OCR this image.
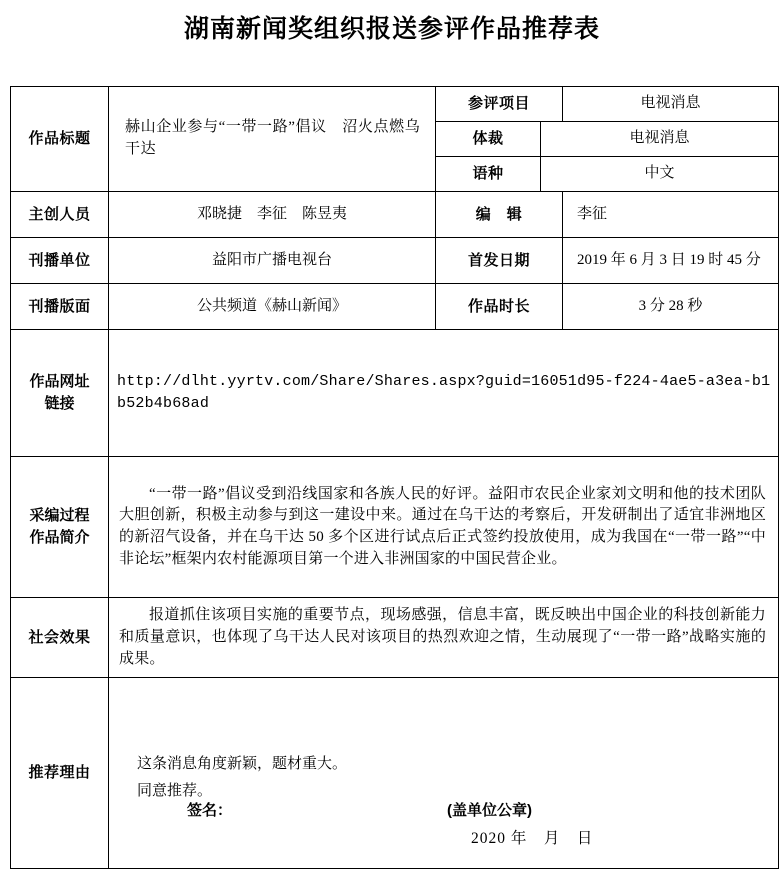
湖南新闻奖组织报送参评作品推荐表
作品标题	赫山企业参与“一带一路”倡议　沼火点燃乌干达	参评项目		电视消息
		体裁	电视消息	
		语种	中文	
主创人员	邓晓捷　李征　陈昱夷	编　辑		李征
刊播单位	益阳市广播电视台	首发日期		2019 年 6 月 3 日 19 时 45 分
刊播版面	公共频道《赫山新闻》	作品时长		3 分 28 秒

作品网址
链接	http://dlht.yyrtv.com/Share/Shares.aspx?guid=16051d95-f224-4ae5-a3ea-b1b52b4b68ad			

采编过程
作品简介	“一带一路”倡议受到沿线国家和各族人民的好评。益阳市农民企业家刘文明和他的技术团队大胆创新，积极主动参与到这一建设中来。通过在乌干达的考察后，开发研制出了适宜非洲地区的新沼气设备，并在乌干达 50 多个区进行试点后正式签约投放使用，成为我国在“一带一路”“中非论坛”框架内农村能源项目第一个进入非洲国家的中国民营企业。			

社会效果	报道抓住该项目实施的重要节点，现场感强，信息丰富，既反映出中国企业的科技创新能力和质量意识，也体现了乌干达人民对该项目的热烈欢迎之情，生动展现了“一带一路”战略实施的成果。			

推荐理由	这条消息角度新颖，题材重大。
同意推荐。
签名： (盖单位公章)
2020 年　月　日			
